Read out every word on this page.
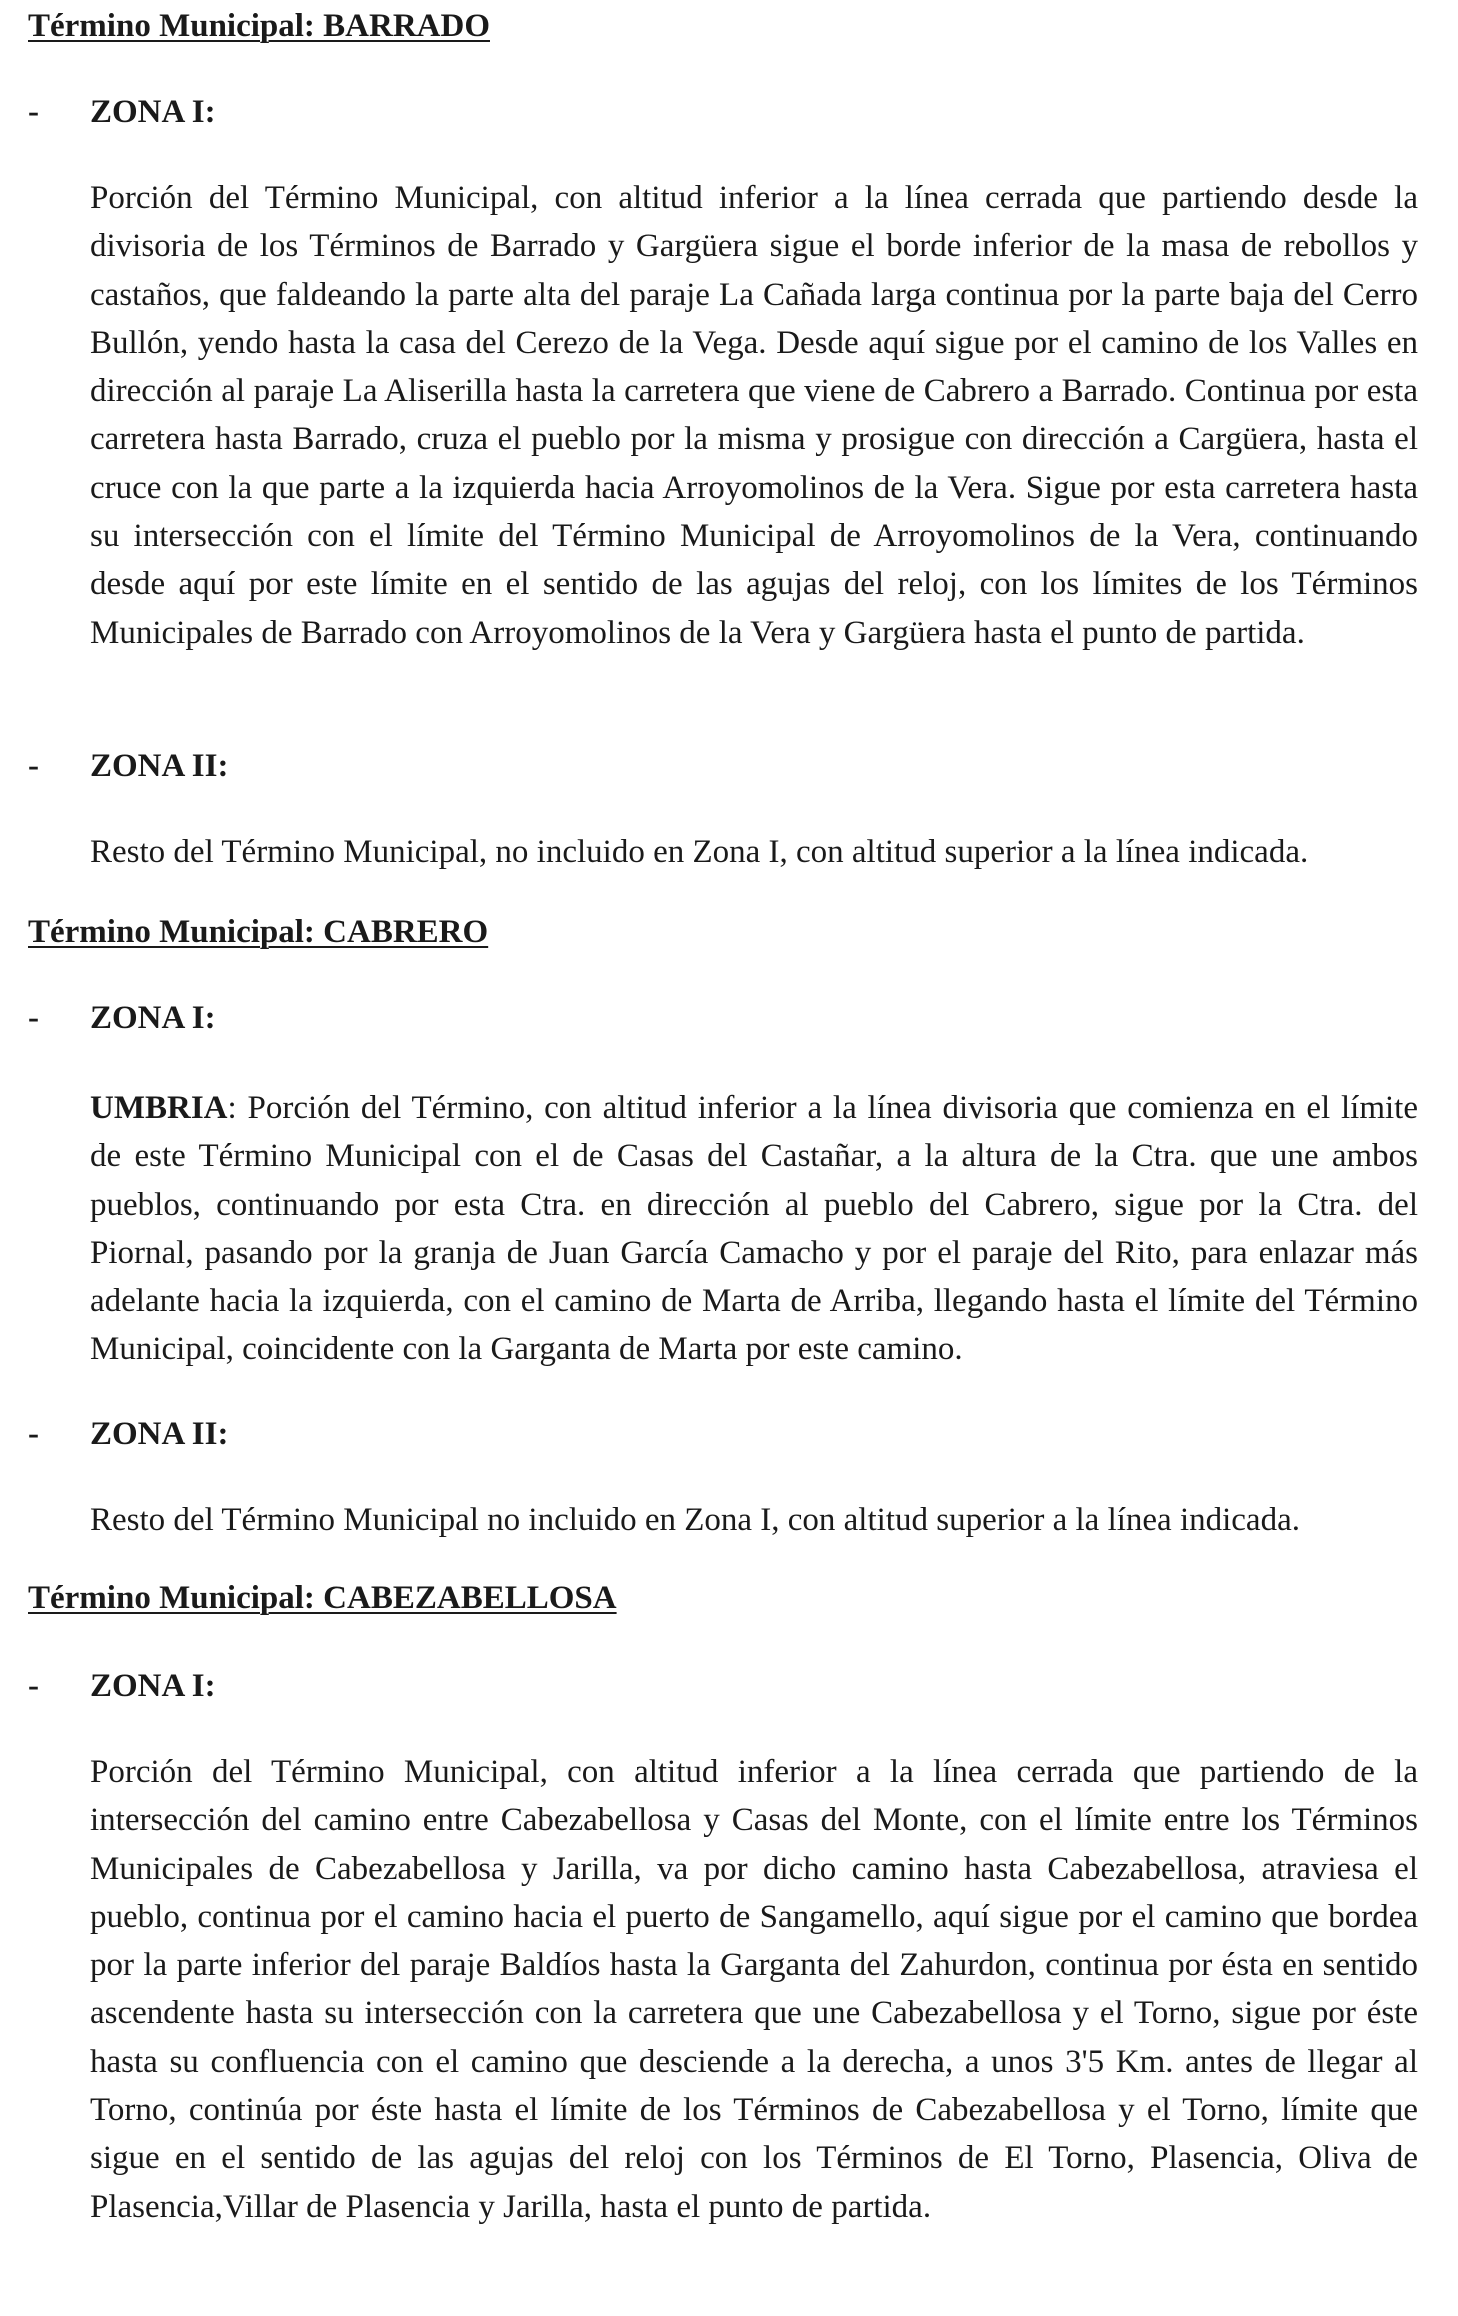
Término Municipal: BARRADO
- ZONA I:

Porción del Término Municipal, con altitud inferior a la línea cerrada que partiendo desde la divisoria de los Términos de Barrado y Gargüera sigue el borde inferior de la masa de rebollos y castaños, que faldeando la parte alta del paraje La Cañada larga continua por la parte baja del Cerro Bullón, yendo hasta la casa del Cerezo de la Vega. Desde aquí sigue por el camino de los Valles en dirección al paraje La Aliserilla hasta la carretera que viene de Cabrero a Barrado. Continua por esta carretera hasta Barrado, cruza el pueblo por la misma y prosigue con dirección a Cargüera, hasta el cruce con la que parte a la izquierda hacia Arroyomolinos de la Vera. Sigue por esta carretera hasta su intersección con el límite del Término Municipal de Arroyomolinos de la Vera, continuando desde aquí por este límite en el sentido de las agujas del reloj, con los límites de los Términos Municipales de Barrado con Arroyomolinos de la Vera y Gargüera hasta el punto de partida.

- ZONA II:

Resto del Término Municipal, no incluido en Zona I, con altitud superior a la línea indicada.

Término Municipal: CABRERO
- ZONA I:

UMBRIA: Porción del Término, con altitud inferior a la línea divisoria que comienza en el límite de este Término Municipal con el de Casas del Castañar, a la altura de la Ctra. que une ambos pueblos, continuando por esta Ctra. en dirección al pueblo del Cabrero, sigue por la Ctra. del Piornal, pasando por la granja de Juan García Camacho y por el paraje del Rito, para enlazar más adelante hacia la izquierda, con el camino de Marta de Arriba, llegando hasta el límite del Término Municipal, coincidente con la Garganta de Marta por este camino.

- ZONA II:

Resto del Término Municipal no incluido en Zona I, con altitud superior a la línea indicada.

Término Municipal: CABEZABELLOSA
- ZONA I:

Porción del Término Municipal, con altitud inferior a la línea cerrada que partiendo de la intersección del camino entre Cabezabellosa y Casas del Monte, con el límite entre los Términos Municipales de Cabezabellosa y Jarilla, va por dicho camino hasta Cabezabellosa, atraviesa el pueblo, continua por el camino hacia el puerto de Sangamello, aquí sigue por el camino que bordea por la parte inferior del paraje Baldíos hasta la Garganta del Zahurdon, continua por ésta en sentido ascendente hasta su intersección con la carretera que une Cabezabellosa y el Torno, sigue por éste hasta su confluencia con el camino que desciende a la derecha, a unos 3'5 Km. antes de llegar al Torno, continúa por éste hasta el límite de los Términos de Cabezabellosa y el Torno, límite que sigue en el sentido de las agujas del reloj con los Términos de El Torno, Plasencia, Oliva de Plasencia,Villar de Plasencia y Jarilla, hasta el punto de partida.
